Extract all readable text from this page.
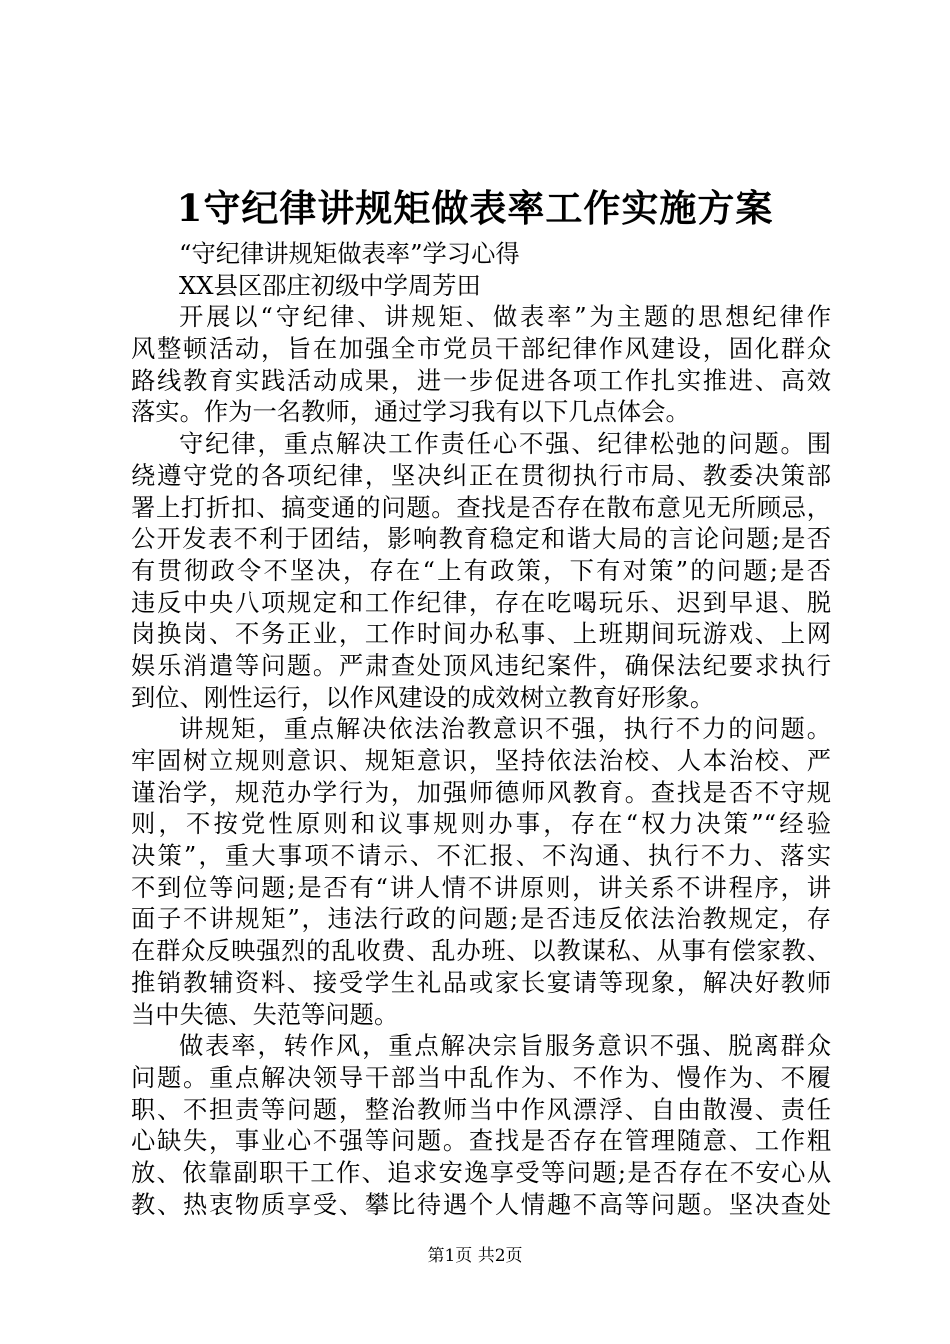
1守纪律讲规矩做表率工作实施方案
“守纪律讲规矩做表率”学习心得
XX县区邵庄初级中学周芳田
开展以“守纪律、讲规矩、做表率”为主题的思想纪律作
风整顿活动，旨在加强全市党员干部纪律作风建设，固化群众
路线教育实践活动成果，进一步促进各项工作扎实推进、高效
落实。作为一名教师，通过学习我有以下几点体会。
守纪律，重点解决工作责任心不强、纪律松弛的问题。围
绕遵守党的各项纪律，坚决纠正在贯彻执行市局、教委决策部
署上打折扣、搞变通的问题。查找是否存在散布意见无所顾忌，
公开发表不利于团结，影响教育稳定和谐大局的言论问题;是否
有贯彻政令不坚决，存在“上有政策，下有对策”的问题;是否
违反中央八项规定和工作纪律，存在吃喝玩乐、迟到早退、脱
岗换岗、不务正业，工作时间办私事、上班期间玩游戏、上网
娱乐消遣等问题。严肃查处顶风违纪案件，确保法纪要求执行
到位、刚性运行，以作风建设的成效树立教育好形象。
讲规矩，重点解决依法治教意识不强，执行不力的问题。
牢固树立规则意识、规矩意识，坚持依法治校、人本治校、严
谨治学，规范办学行为，加强师德师风教育。查找是否不守规
则，不按党性原则和议事规则办事，存在“权力决策”“经验
决策”，重大事项不请示、不汇报、不沟通、执行不力、落实
不到位等问题;是否有“讲人情不讲原则，讲关系不讲程序，讲
面子不讲规矩”，违法行政的问题;是否违反依法治教规定，存
在群众反映强烈的乱收费、乱办班、以教谋私、从事有偿家教、
推销教辅资料、接受学生礼品或家长宴请等现象，解决好教师
当中失德、失范等问题。
做表率，转作风，重点解决宗旨服务意识不强、脱离群众
问题。重点解决领导干部当中乱作为、不作为、慢作为、不履
职、不担责等问题，整治教师当中作风漂浮、自由散漫、责任
心缺失，事业心不强等问题。查找是否存在管理随意、工作粗
放、依靠副职干工作、追求安逸享受等问题;是否存在不安心从
教、热衷物质享受、攀比待遇个人情趣不高等问题。坚决查处
第1页 共2页
